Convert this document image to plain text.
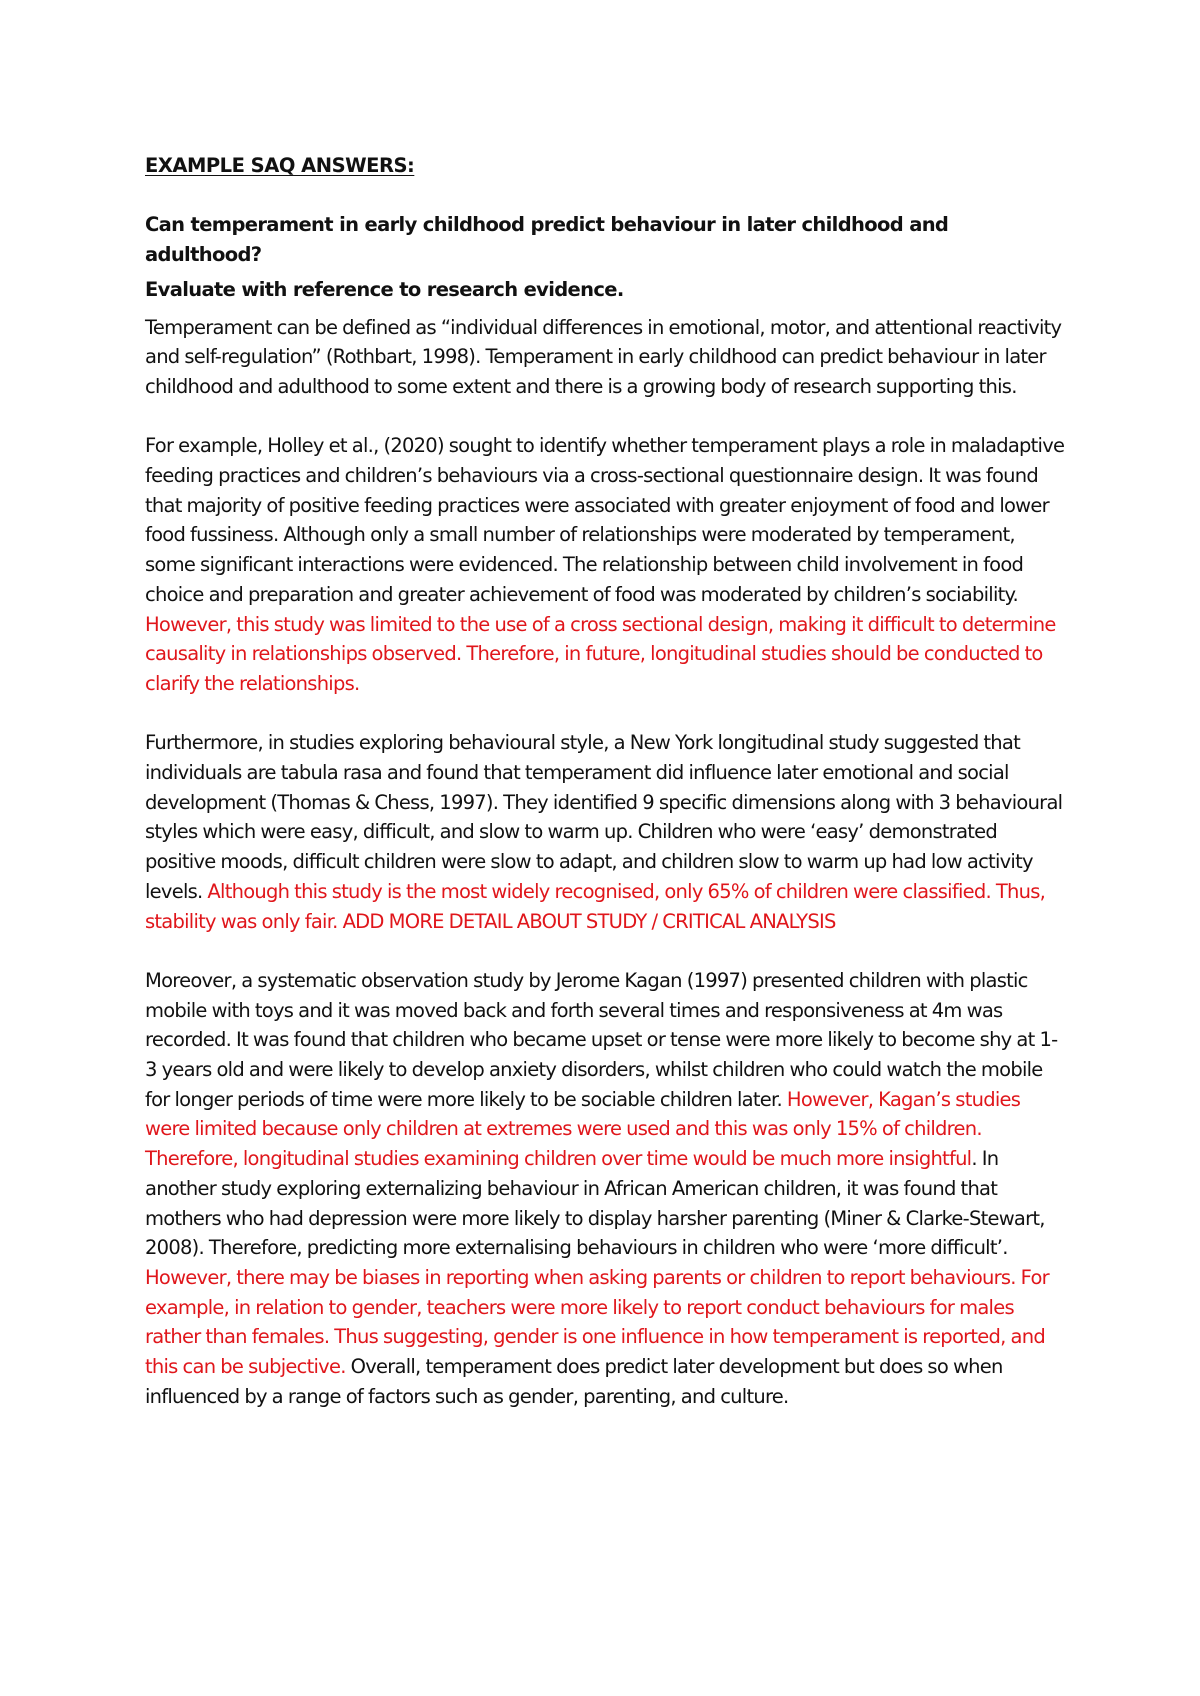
EXAMPLE SAQ ANSWERS:
Can temperament in early childhood predict behaviour in later childhood and adulthood?
Evaluate with reference to research evidence.

Temperament can be defined as “individual differences in emotional, motor, and attentional reactivity and self-regulation” (Rothbart, 1998). Temperament in early childhood can predict behaviour in later childhood and adulthood to some extent and there is a growing body of research supporting this.

For example, Holley et al., (2020) sought to identify whether temperament plays a role in maladaptive feeding practices and children’s behaviours via a cross-sectional questionnaire design. It was found that majority of positive feeding practices were associated with greater enjoyment of food and lower food fussiness. Although only a small number of relationships were moderated by temperament, some significant interactions were evidenced. The relationship between child involvement in food choice and preparation and greater achievement of food was moderated by children’s sociability. However, this study was limited to the use of a cross sectional design, making it difficult to determine causality in relationships observed. Therefore, in future, longitudinal studies should be conducted to clarify the relationships.

Furthermore, in studies exploring behavioural style, a New York longitudinal study suggested that individuals are tabula rasa and found that temperament did influence later emotional and social development (Thomas & Chess, 1997). They identified 9 specific dimensions along with 3 behavioural styles which were easy, difficult, and slow to warm up. Children who were ‘easy’ demonstrated positive moods, difficult children were slow to adapt, and children slow to warm up had low activity levels. Although this study is the most widely recognised, only 65% of children were classified. Thus, stability was only fair. ADD MORE DETAIL ABOUT STUDY / CRITICAL ANALYSIS

Moreover, a systematic observation study by Jerome Kagan (1997) presented children with plastic mobile with toys and it was moved back and forth several times and responsiveness at 4m was recorded. It was found that children who became upset or tense were more likely to become shy at 1-3 years old and were likely to develop anxiety disorders, whilst children who could watch the mobile for longer periods of time were more likely to be sociable children later. However, Kagan’s studies were limited because only children at extremes were used and this was only 15% of children. Therefore, longitudinal studies examining children over time would be much more insightful. In another study exploring externalizing behaviour in African American children, it was found that mothers who had depression were more likely to display harsher parenting (Miner & Clarke-Stewart, 2008). Therefore, predicting more externalising behaviours in children who were ‘more difficult’. However, there may be biases in reporting when asking parents or children to report behaviours. For example, in relation to gender, teachers were more likely to report conduct behaviours for males rather than females. Thus suggesting, gender is one influence in how temperament is reported, and this can be subjective. Overall, temperament does predict later development but does so when influenced by a range of factors such as gender, parenting, and culture.
